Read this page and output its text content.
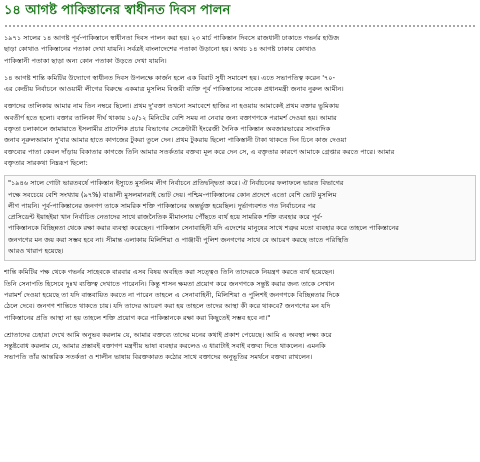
১৪ আগষ্ট পাকিস্তানের স্বাধীনত দিবস পালন
১৯৭১ সালের ১৪ আগষ্ট পূর্ব-পাকিস্তানে স্বাধীনতা দিবস পালন করা হয়। ২৩ মার্চ পাকিস্তান দিবসে রাজধানী ঢাকাতে গভর্নর হাউজ
ছাড়া কোথাও পাকিস্তানের পতাকা দেখা যায়নি। সর্বত্রই বাংলাদেশের পতাকা উড়ানো হয়। অথচ ১৪ আগষ্ট ঢাকায় কোথাও
পাকিস্তানী পতাকা ছাড়া অন্য কোন পতাকা উড়তে দেখা যায়নি।
১৪ আগষ্ট শান্তি কমিটির উদ্যোগে স্বাধীনত দিবস উপলক্ষে কার্জন হলে এক বিরাট সুধী সমাবেশ হয়। এতে সভাপতিত্ব করেন '৭০-
এর কেন্দ্রীয় নির্বাচনে আওয়ামী লীগের বিরুদ্ধে একমাত্র মুসলিম বিজয়ী ব্যক্তি পূর্ব পাকিস্তানের সাবেক প্রধানমন্ত্রী জনাব নুরুল আমীন।
বক্তাদের তালিকায় আমার নাম তিন নম্বরে ছিলো। প্রথম দু'বক্তা তখনো সমাবেশে হাজির না হওয়ায় আমাকেই প্রথম বক্তার ভুমিকায়
অবতীর্ণ হতে হলো। বক্তার তালিকা দীর্ঘ থাকায় ১০/১২ মিনিটের বেশি সময় না নেবার জন্য বক্তাগণকে পরামর্শ দেওয়া হয়। আমার
বক্তৃতা চলাকালে জামায়াতে ইসলামীর প্রাদেশিক প্রচার বিভাগের সেক্রেটারী ইংরেজী দৈনিক পাকিস্তান অবজারভারের সাংবাদিক
জনাব নূরুলআমান দু'বার আমার হাতে কাগজের টুকরা তুলে দেন। প্রথম টুকরায় ছিলো পাকিস্তানী টাকা থাকতে দিন চিনে কাজ দেওয়া
বক্তব্যের পাতা কেবল দাঁড়ায় বিকাতার কাগজে তিনি আমার সতর্কতার বক্তব্য মূল করে দেন সে, এ বক্তৃতার কারণে আমাকে গ্রেপ্তার করতে পারে। আমার
বক্তৃতার সারকথা নিম্নরূপ ছিলো:
"১৯৪৬ সালে গোটা ভারতবর্ষে পাকিস্তান ইস্যুতে মুসলিম লীগ নির্বাচনে প্রতিদ্বন্দ্বিতা করে। ঐ নির্বাচনের ফলাফলে ভারত বিভাগের
পক্ষে সবচেয়ে বেশি সংখ্যায় (৯৭%) বাঙালী মুসলমানরাই ভোট দেয়। পশ্চিম-পাকিস্তানের কোন প্রদেশে এতো বেশি ভোট মুসলিম
লীগ পায়নি। পূর্ব-পাকিস্তানের জনগণ তাকে সামরিক শক্তি পাকিস্তানের অন্তর্ভুক্ত হয়েছিল। দুর্ভাগ্যবশত গত নির্বাচনের পর
প্রেসিডেন্ট ইয়াহইয়া খান নির্বাচিত নেতাদের সাথে রাজনৈতিক মীমাংসায় পৌঁছতে ব্যর্থ হয়ে সামরিক শক্তি ব্যবহার করে পূর্ব-
পাকিস্তানকে বিচ্ছিন্নতা থেকে রক্ষা করার ব্যবস্থা করেছেন। পাকিস্তান সেনাবাহিনী যদি এদেশের মানুষের সাথে শত্রুর মতো ব্যবহার করে তাহলে পাকিস্তানের
জনগণের মন জয় করা সম্ভব হবে না। সীমান্ত এলাকায় মিলিশিয়া ও পাঞ্জাবী পুলিশ জনগণের সাথে যে আচরণ করছে তাতে পরিস্থিতি
আরও খারাপ হয়েছে।
শান্তি কমিটির পক্ষ থেকে গভর্নর সাহেবকে বারবার এসব বিষয় অবহিত করা সত্ত্বেও তিনি তাদেরকে নিয়ন্ত্রণ করতে ব্যর্থ হয়েছেন।
তিনি সেনাপতি হিসেবে দুঃখ ব্যক্তিত্ব দেখাতে পারেননি। কিন্তু শাসন ক্ষমতা প্রয়োগ করে জনগণকে সন্তুষ্ট করার জন্য তাকে সেখান
পরামর্শ দেওয়া হয়েছে তা যদি বাস্তবায়িত করতে না পারেন তাহলে এ সেনাবাহিনী, মিলিশিয়া ও পুলিশই জনগণকে বিচ্ছিন্নতার দিকে
ঠেলে দেবে। জনগণ শান্তিতে থাকতে চায়। যদি তাদের আচরণ করা হয় তাহলে তাদের আস্থা কী করে থাকবে? জনগণের মন যদি
পাকিস্তানের প্রতি আস্থা না হয় তাহলে শক্তি প্রয়োগ করে পাকিস্তানকে রক্ষা করা কিছুতেই সম্ভব হবে না।"
শ্রোতাদের চেহারা দেখে আমি অনুভব করলাম যে, আমার বক্তব্যে তাদের মনের কথাই প্রকাশ পেয়েছে। আমি এ অবস্থা লক্ষ্য করে
সন্তুষ্টবোধ করলাম যে, আমার প্রস্তাবই বক্তাগণ মন্ত্রণীয় ভাষা ব্যবহার করলেও এ ধারাটাই সবাই বক্তব্য দিতে থাকলেন। এমনকি
সভাপতি তাঁর আন্তরিক সতর্কতা ও শালীন ভাষায় বিরক্তকারত কঠোর সাথে বক্তাদের অনুভূতির সমর্থনে বক্তব্য রাখলেন।
